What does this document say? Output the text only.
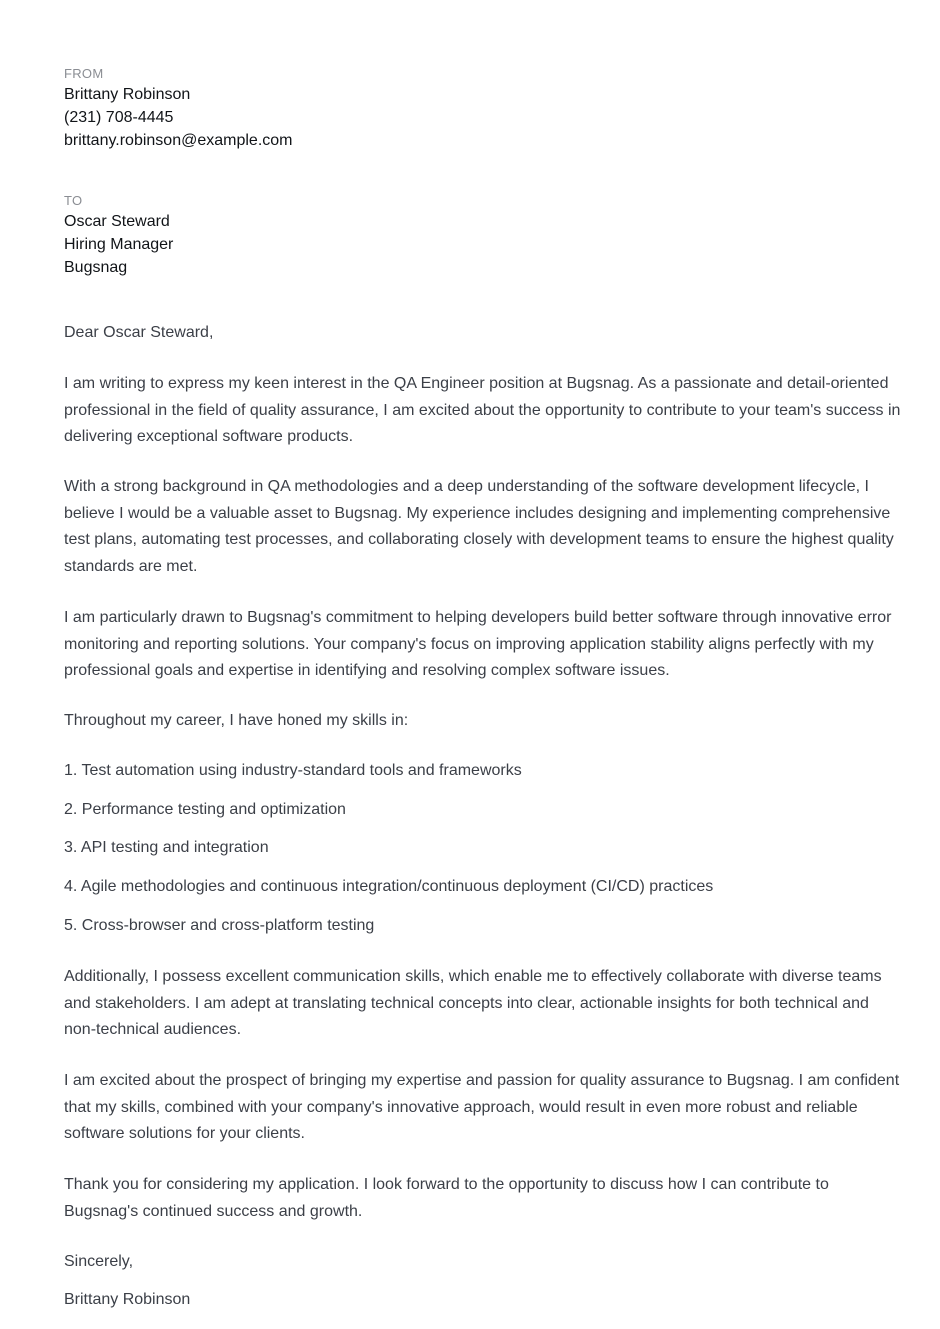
FROM
Brittany Robinson
(231) 708-4445
brittany.robinson@example.com
TO
Oscar Steward
Hiring Manager
Bugsnag

Dear Oscar Steward,

I am writing to express my keen interest in the QA Engineer position at Bugsnag. As a passionate and detail-oriented professional in the field of quality assurance, I am excited about the opportunity to contribute to your team's success in delivering exceptional software products.

With a strong background in QA methodologies and a deep understanding of the software development lifecycle, I believe I would be a valuable asset to Bugsnag. My experience includes designing and implementing comprehensive test plans, automating test processes, and collaborating closely with development teams to ensure the highest quality standards are met.

I am particularly drawn to Bugsnag's commitment to helping developers build better software through innovative error monitoring and reporting solutions. Your company's focus on improving application stability aligns perfectly with my professional goals and expertise in identifying and resolving complex software issues.

Throughout my career, I have honed my skills in:

1. Test automation using industry-standard tools and frameworks

2. Performance testing and optimization

3. API testing and integration

4. Agile methodologies and continuous integration/continuous deployment (CI/CD) practices

5. Cross-browser and cross-platform testing

Additionally, I possess excellent communication skills, which enable me to effectively collaborate with diverse teams and stakeholders. I am adept at translating technical concepts into clear, actionable insights for both technical and non-technical audiences.

I am excited about the prospect of bringing my expertise and passion for quality assurance to Bugsnag. I am confident that my skills, combined with your company's innovative approach, would result in even more robust and reliable software solutions for your clients.

Thank you for considering my application. I look forward to the opportunity to discuss how I can contribute to Bugsnag's continued success and growth.

Sincerely,

Brittany Robinson
